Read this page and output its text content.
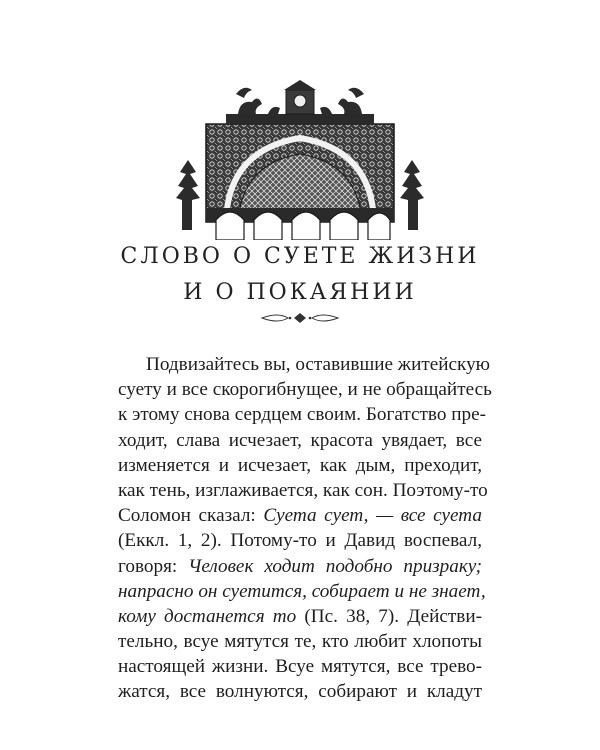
СЛОВО О СУЕТЕ ЖИЗНИ
И О ПОКАЯНИИ
Подвизайтесь вы, оставившие житейскую
суету и все скорогибнущее, и не обращайтесь
к этому снова сердцем своим. Богатство пре-
ходит, слава исчезает, красота увядает, все
изменяется и исчезает, как дым, преходит,
как тень, изглаживается, как сон. Поэтому-то
Соломон сказал: Суета сует, — все суета
(Еккл. 1, 2). Потому-то и Давид воспевал,
говоря: Человек ходит подобно призраку;
напрасно он суетится, собирает и не знает,
кому достанется то (Пс. 38, 7). Действи-
тельно, всуе мятутся те, кто любит хлопоты
настоящей жизни. Всуе мятутся, все трево-
жатся, все волнуются, собирают и кладут
